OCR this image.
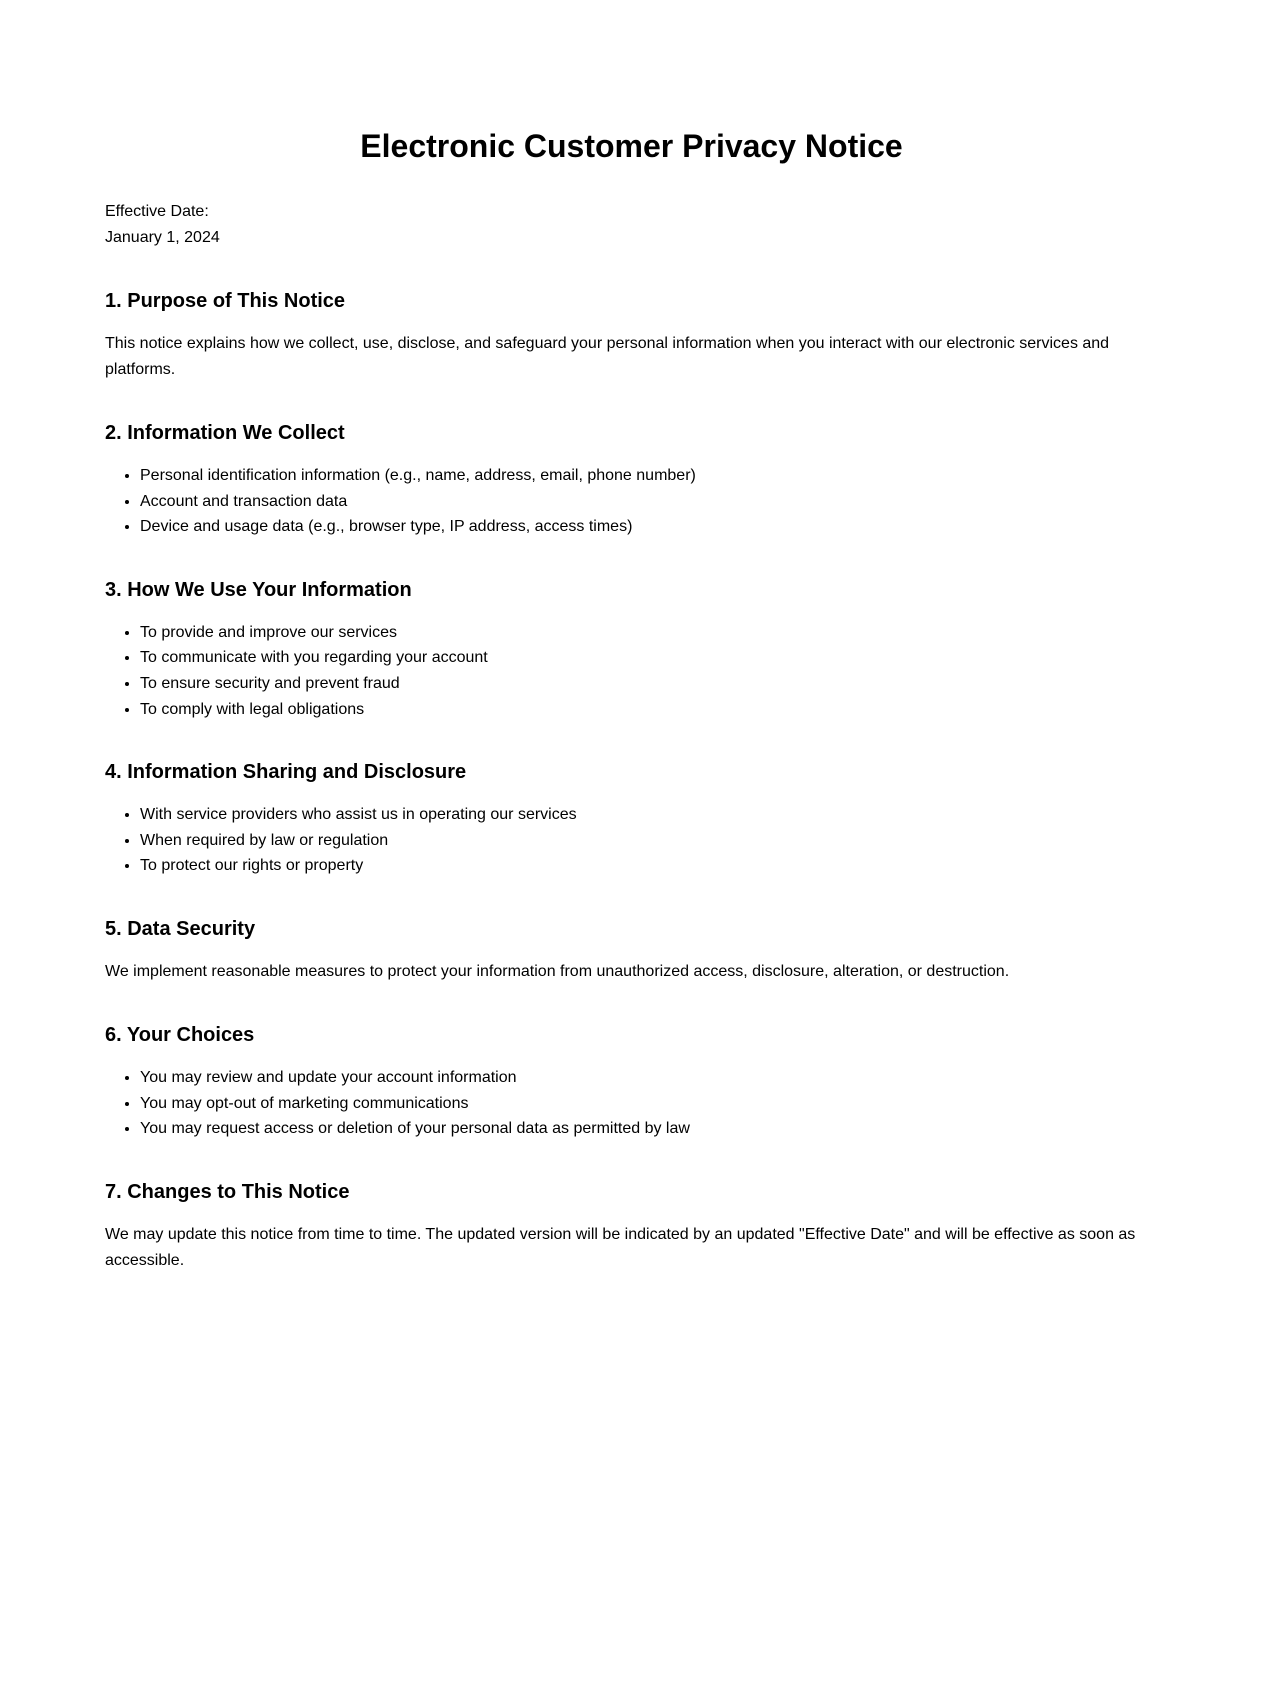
Electronic Customer Privacy Notice
Effective Date:
January 1, 2024
1. Purpose of This Notice

This notice explains how we collect, use, disclose, and safeguard your personal information when you interact with our electronic services and platforms.

2. Information We Collect
• Personal identification information (e.g., name, address, email, phone number)
• Account and transaction data
• Device and usage data (e.g., browser type, IP address, access times)
3. How We Use Your Information
• To provide and improve our services
• To communicate with you regarding your account
• To ensure security and prevent fraud
• To comply with legal obligations
4. Information Sharing and Disclosure
• With service providers who assist us in operating our services
• When required by law or regulation
• To protect our rights or property
5. Data Security

We implement reasonable measures to protect your information from unauthorized access, disclosure, alteration, or destruction.

6. Your Choices
• You may review and update your account information
• You may opt-out of marketing communications
• You may request access or deletion of your personal data as permitted by law
7. Changes to This Notice

We may update this notice from time to time. The updated version will be indicated by an updated "Effective Date" and will be effective as soon as accessible.
